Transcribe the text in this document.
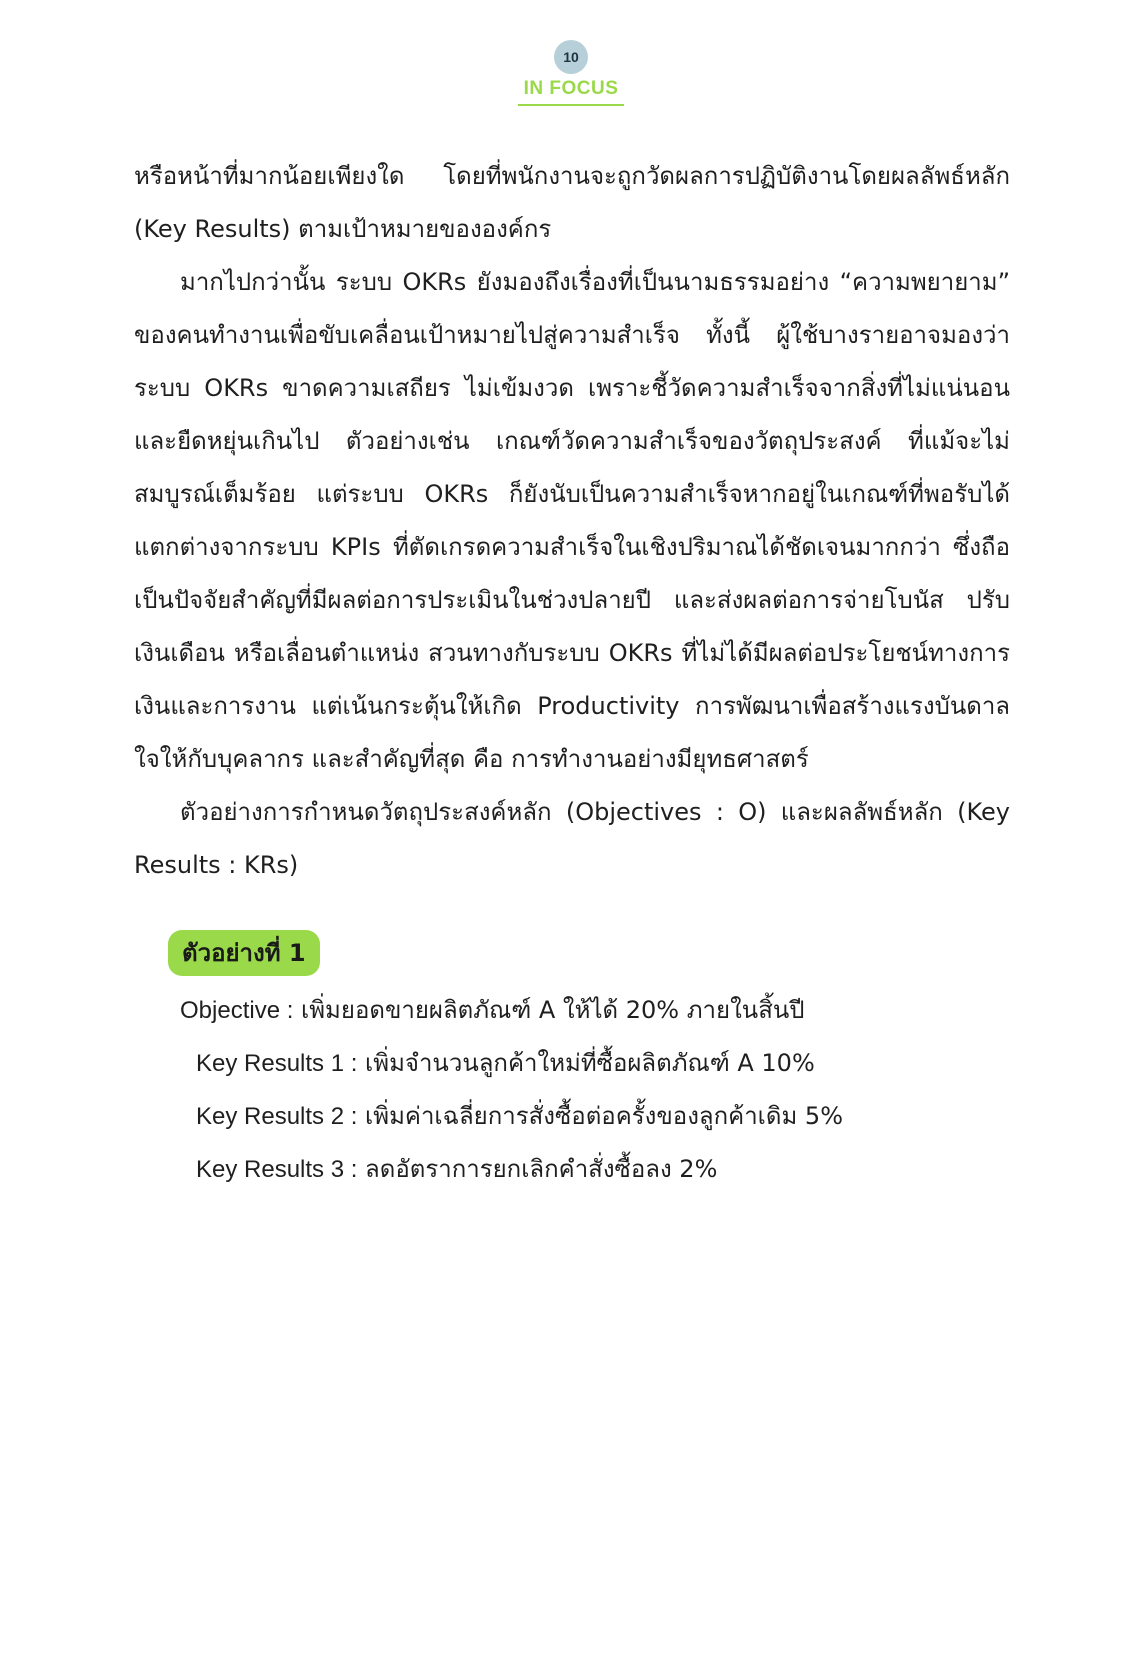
10
IN FOCUS

หรือหน้าที่มากน้อยเพียงใด โดยที่พนักงานจะถูกวัดผลการปฏิบัติงานโดยผลลัพธ์หลัก (Key Results) ตามเป้าหมายขององค์กร

มากไปกว่านั้น ระบบ OKRs ยังมองถึงเรื่องที่เป็นนามธรรมอย่าง “ความพยายาม” ของคนทำงานเพื่อขับเคลื่อนเป้าหมายไปสู่ความสำเร็จ ทั้งนี้ ผู้ใช้บางรายอาจมองว่าระบบ OKRs ขาดความเสถียร ไม่เข้มงวด เพราะชี้วัดความสำเร็จจากสิ่งที่ไม่แน่นอนและยืดหยุ่นเกินไป ตัวอย่างเช่น เกณฑ์วัดความสำเร็จของวัตถุประสงค์ ที่แม้จะไม่สมบูรณ์เต็มร้อย แต่ระบบ OKRs ก็ยังนับเป็นความสำเร็จหากอยู่ในเกณฑ์ที่พอรับได้ แตกต่างจากระบบ KPIs ที่ตัดเกรดความสำเร็จในเชิงปริมาณได้ชัดเจนมากกว่า ซึ่งถือเป็นปัจจัยสำคัญที่มีผลต่อการประเมินในช่วงปลายปี และส่งผลต่อการจ่ายโบนัส ปรับเงินเดือน หรือเลื่อนตำแหน่ง สวนทางกับระบบ OKRs ที่ไม่ได้มีผลต่อประโยชน์ทางการเงินและการงาน แต่เน้นกระตุ้นให้เกิด Productivity การพัฒนาเพื่อสร้างแรงบันดาลใจให้กับบุคลากร และสำคัญที่สุด คือ การทำงานอย่างมียุทธศาสตร์

ตัวอย่างการกำหนดวัตถุประสงค์หลัก (Objectives : O) และผลลัพธ์หลัก (Key Results : KRs)

ตัวอย่างที่ 1
Objective : เพิ่มยอดขายผลิตภัณฑ์ A ให้ได้ 20% ภายในสิ้นปี
Key Results 1 : เพิ่มจำนวนลูกค้าใหม่ที่ซื้อผลิตภัณฑ์ A 10%
Key Results 2 : เพิ่มค่าเฉลี่ยการสั่งซื้อต่อครั้งของลูกค้าเดิม 5%
Key Results 3 : ลดอัตราการยกเลิกคำสั่งซื้อลง 2%
